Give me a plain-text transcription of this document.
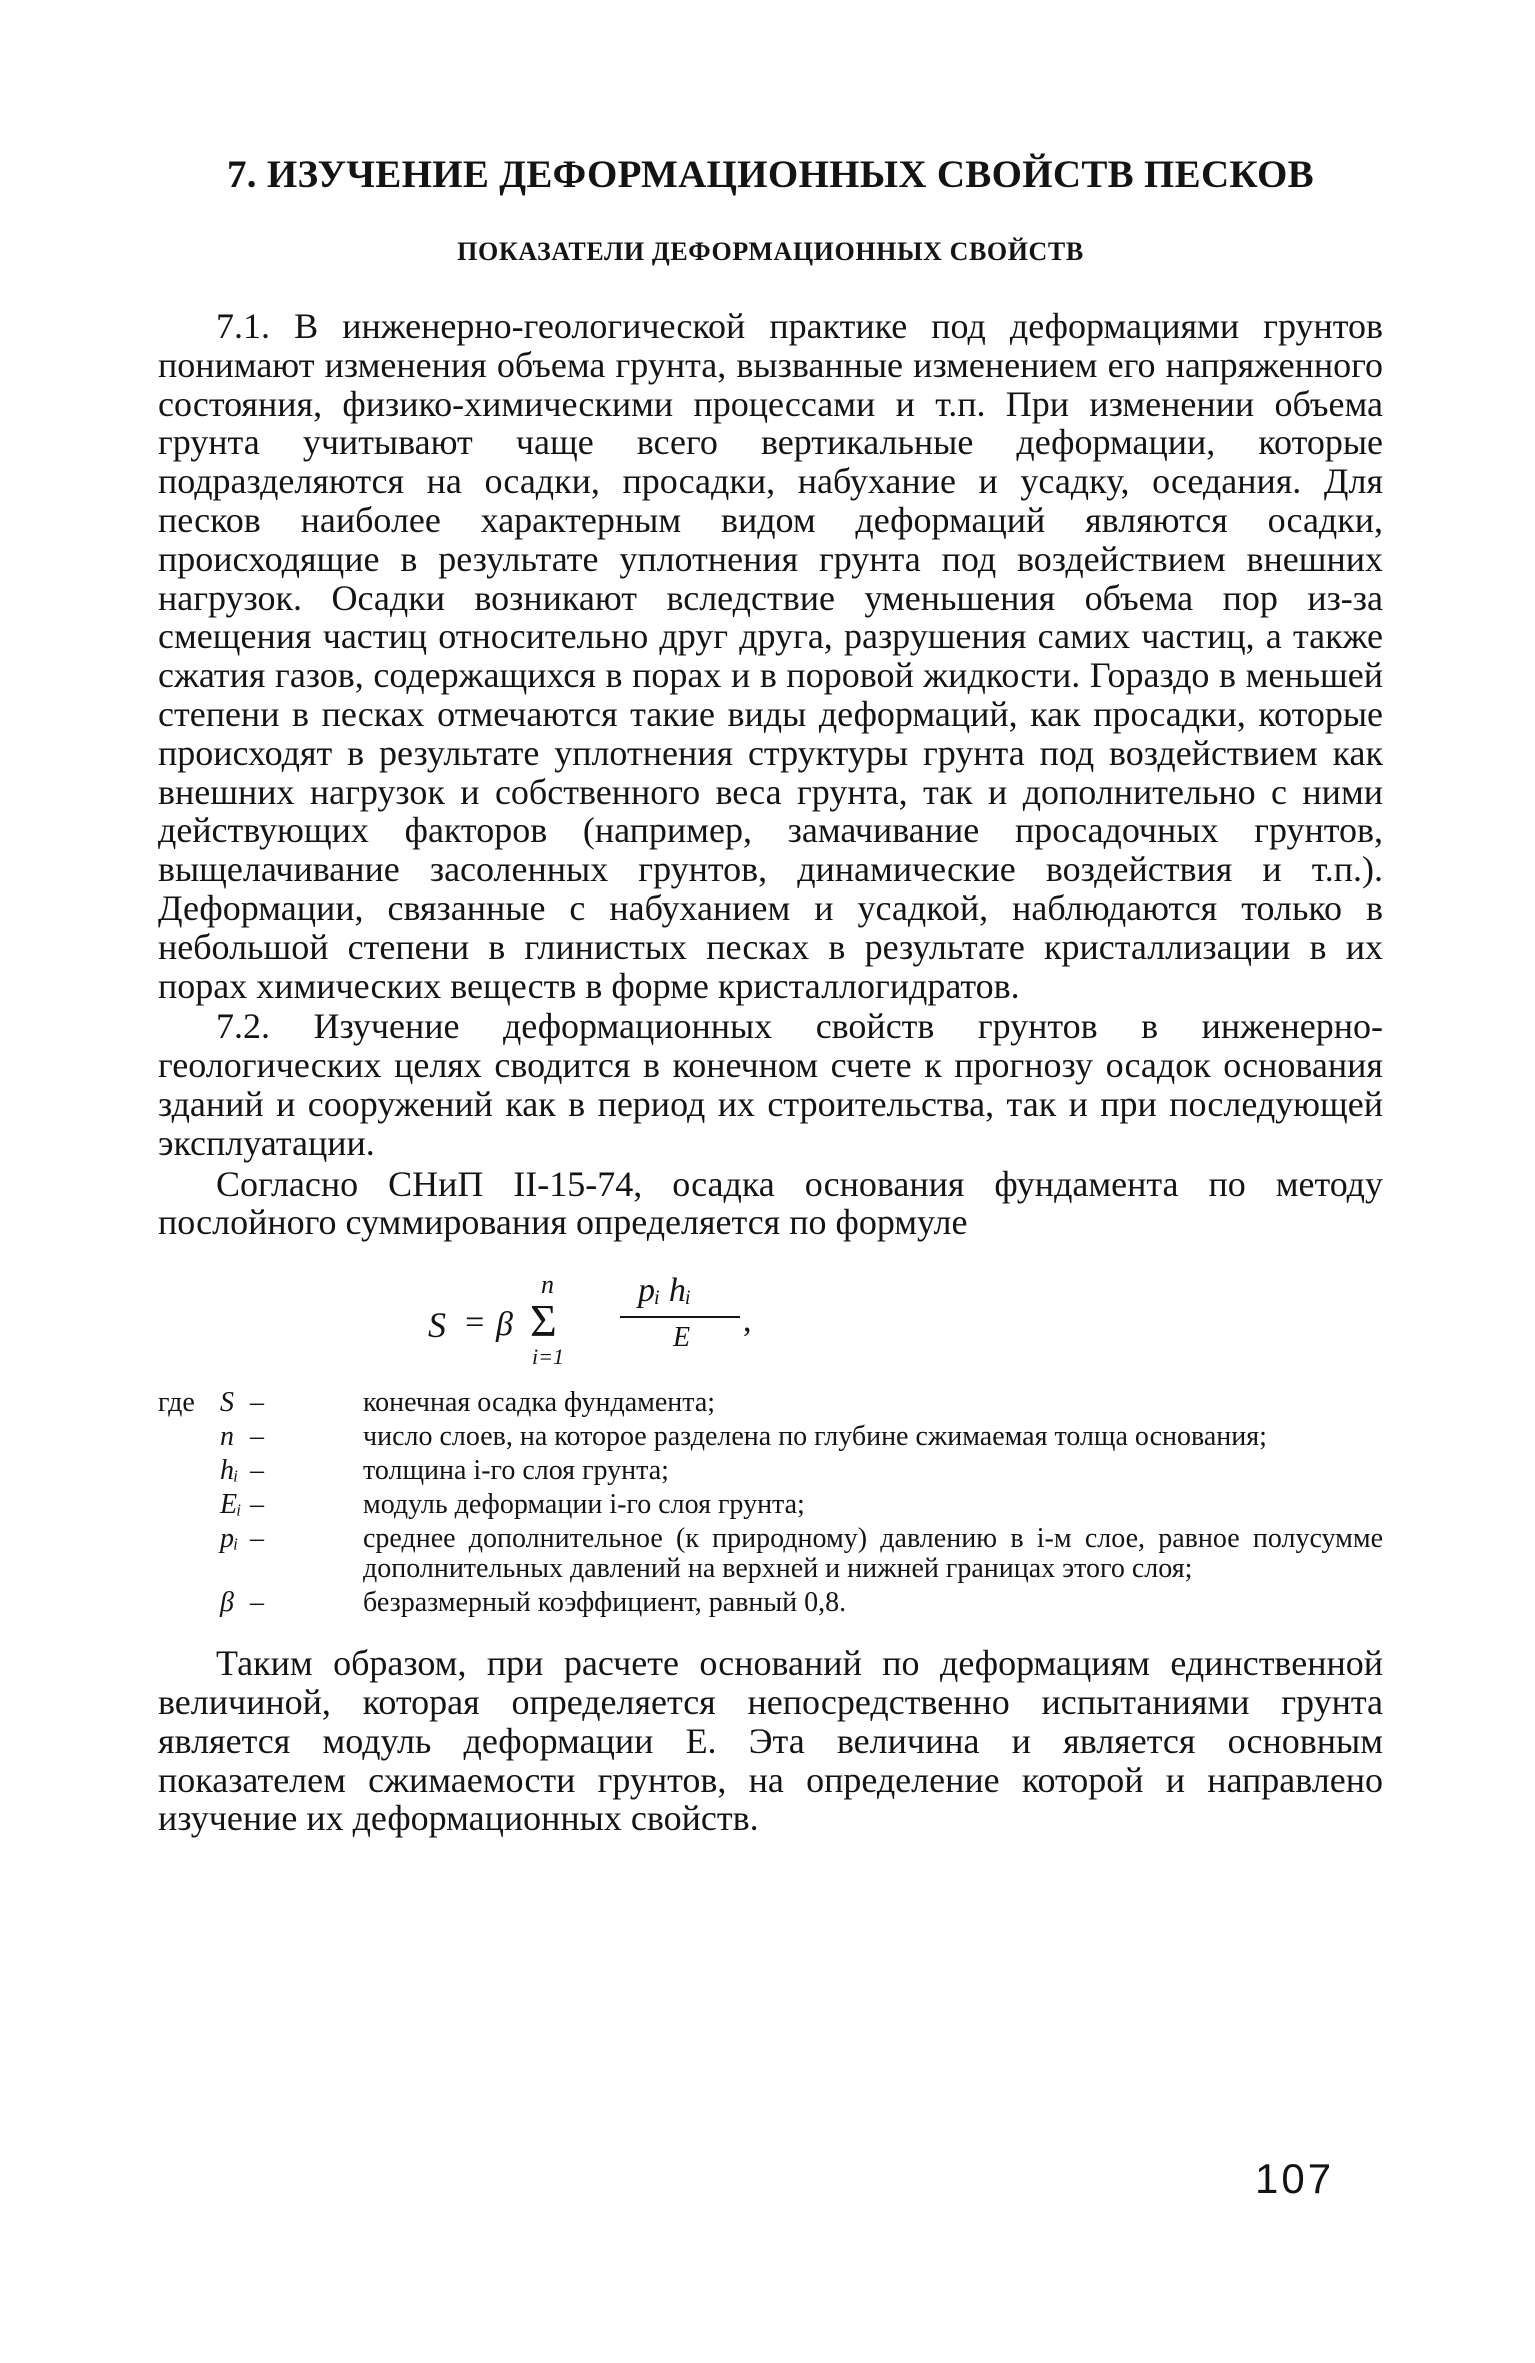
7. ИЗУЧЕНИЕ ДЕФОРМАЦИОННЫХ СВОЙСТВ ПЕСКОВ
ПОКАЗАТЕЛИ ДЕФОРМАЦИОННЫХ СВОЙСТВ

7.1. В инженерно-геологической практике под деформациями грунтов понимают изменения объема грунта, вызванные изменением его напряженного состояния, физико-химическими процессами и т.п. При изменении объема грунта учитывают чаще всего вертикальные деформации, которые подразделяются на осадки, просадки, набухание и усадку, оседания. Для песков наиболее характерным видом деформаций являются осадки, происходящие в результате уплотнения грунта под воздействием внешних нагрузок. Осадки возникают вследствие уменьшения объема пор из-за смещения частиц относительно друг друга, разрушения самих частиц, а также сжатия газов, содержащихся в порах и в поровой жидкости. Гораздо в меньшей степени в песках отмечаются такие виды деформаций, как просадки, которые происходят в результате уплотнения структуры грунта под воздействием как внешних нагрузок и собственного веса грунта, так и дополнительно с ними действующих факторов (например, замачивание просадочных грунтов, выщелачивание засоленных грунтов, динамические воздействия и т.п.). Деформации, связанные с набуханием и усадкой, наблюдаются только в небольшой степени в глинистых песках в результате кристаллизации в их порах химических веществ в форме кристаллогидратов.

7.2. Изучение деформационных свойств грунтов в инженерно-геологических целях сводится в конечном счете к прогнозу осадок основания зданий и сооружений как в период их строительства, так и при последующей эксплуатации.

Согласно СНиП II-15-74, осадка основания фундамента по методу послойного суммирования определяется по формуле

S = β
n
Σ
i=1
pᵢ hᵢ
E ,
где S –	конечная осадка фундамента;
n –	число слоев, на которое разделена по глубине сжимаемая толща основания;
hᵢ –	толщина i-го слоя грунта;
Eᵢ –	модуль деформации i-го слоя грунта;
pᵢ –	среднее дополнительное (к природному) давлению в i-м слое, равное полусумме дополнительных давлений на верхней и нижней границах этого слоя;
β –	безразмерный коэффициент, равный 0,8.

Таким образом, при расчете оснований по деформациям единственной величиной, которая определяется непосредственно испытаниями грунта является модуль деформации E. Эта величина и является основным показателем сжимаемости грунтов, на определение которой и направлено изучение их деформационных свойств.

107
